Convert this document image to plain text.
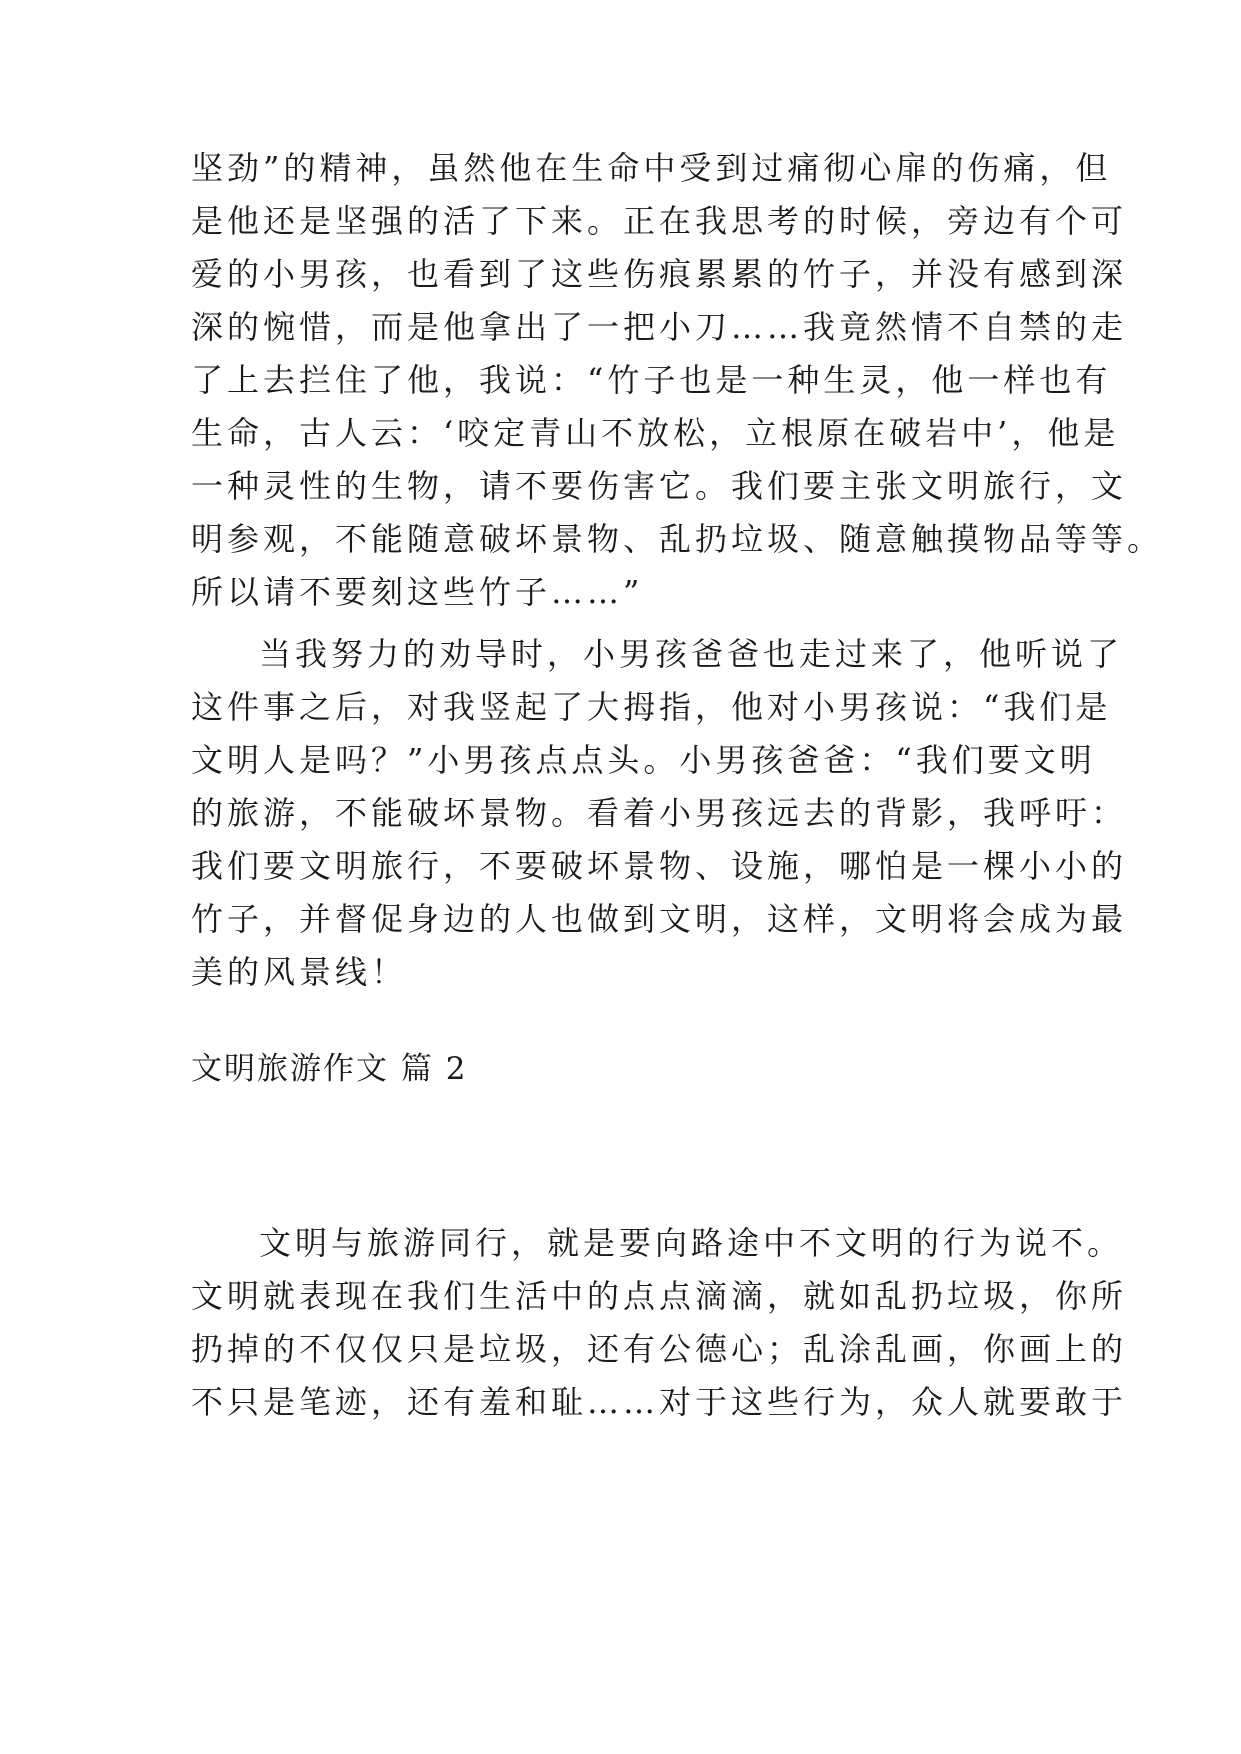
坚劲”的精神，虽然他在生命中受到过痛彻心扉的伤痛，但
是他还是坚强的活了下来。正在我思考的时候，旁边有个可
爱的小男孩，也看到了这些伤痕累累的竹子，并没有感到深
深的惋惜，而是他拿出了一把小刀……我竟然情不自禁的走
了上去拦住了他，我说：“竹子也是一种生灵，他一样也有
生命，古人云：‘咬定青山不放松，立根原在破岩中’，他是
一种灵性的生物，请不要伤害它。我们要主张文明旅行，文
明参观，不能随意破坏景物、乱扔垃圾、随意触摸物品等等。
所以请不要刻这些竹子……”
当我努力的劝导时，小男孩爸爸也走过来了，他听说了
这件事之后，对我竖起了大拇指，他对小男孩说：“我们是
文明人是吗？”小男孩点点头。小男孩爸爸：“我们要文明
的旅游，不能破坏景物。看着小男孩远去的背影，我呼吁：
我们要文明旅行，不要破坏景物、设施，哪怕是一棵小小的
竹子，并督促身边的人也做到文明，这样，文明将会成为最
美的风景线！
文明旅游作文 篇 2
文明与旅游同行，就是要向路途中不文明的行为说不。
文明就表现在我们生活中的点点滴滴，就如乱扔垃圾，你所
扔掉的不仅仅只是垃圾，还有公德心；乱涂乱画，你画上的
不只是笔迹，还有羞和耻……对于这些行为，众人就要敢于
